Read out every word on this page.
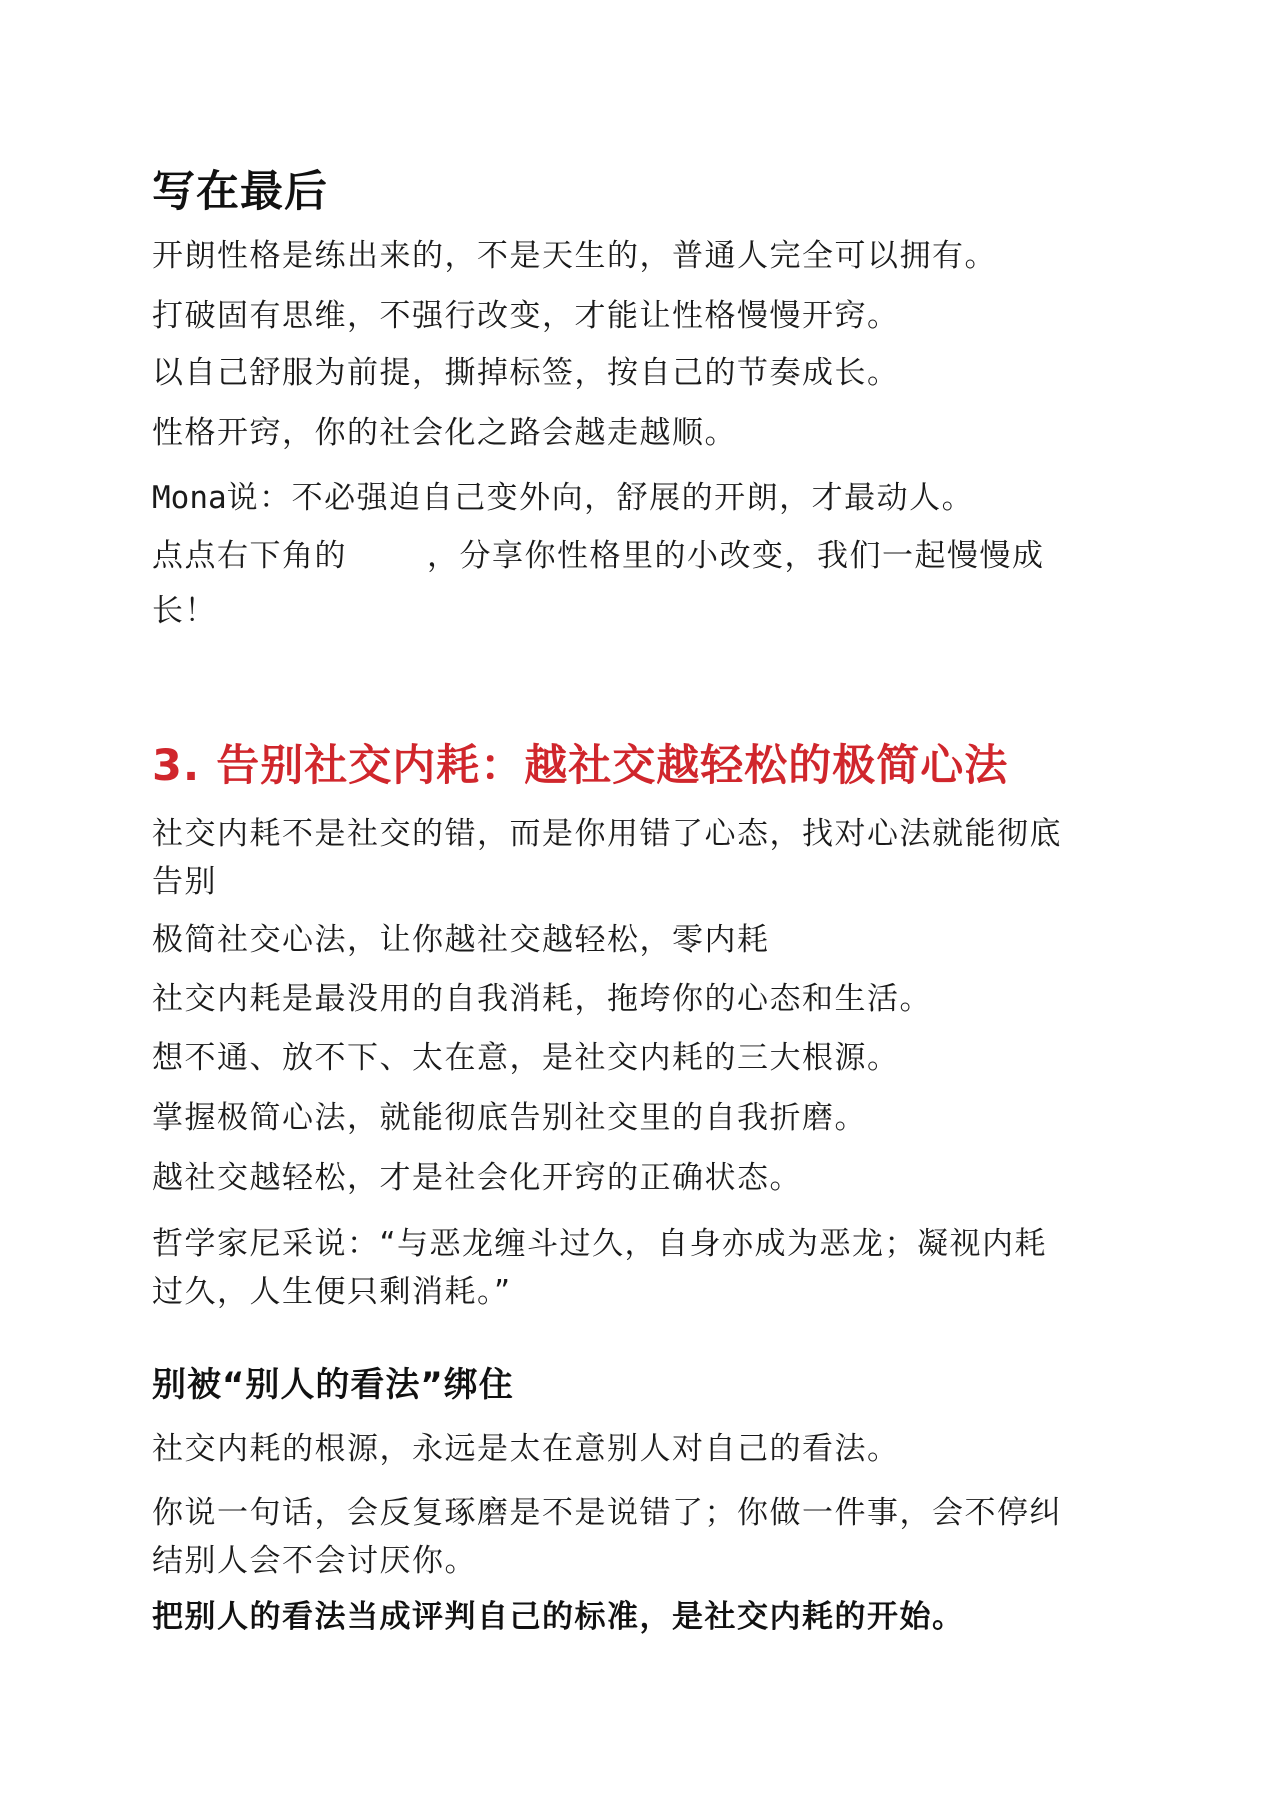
写在最后
开朗性格是练出来的，不是天生的，普通人完全可以拥有。
打破固有思维，不强行改变，才能让性格慢慢开窍。
以自己舒服为前提，撕掉标签，按自己的节奏成长。
性格开窍，你的社会化之路会越走越顺。
Mona说：不必强迫自己变外向，舒展的开朗，才最动人。
点点右下角的	，分享你性格里的小改变，我们一起慢慢成
长！
3. 告别社交内耗：越社交越轻松的极简心法
社交内耗不是社交的错，而是你用错了心态，找对心法就能彻底
告别
极简社交心法，让你越社交越轻松，零内耗
社交内耗是最没用的自我消耗，拖垮你的心态和生活。
想不通、放不下、太在意，是社交内耗的三大根源。
掌握极简心法，就能彻底告别社交里的自我折磨。
越社交越轻松，才是社会化开窍的正确状态。
哲学家尼采说：“与恶龙缠斗过久，自身亦成为恶龙；凝视内耗
过久，人生便只剩消耗。”
别被“别人的看法”绑住
社交内耗的根源，永远是太在意别人对自己的看法。
你说一句话，会反复琢磨是不是说错了；你做一件事，会不停纠
结别人会不会讨厌你。
把别人的看法当成评判自己的标准，是社交内耗的开始。
